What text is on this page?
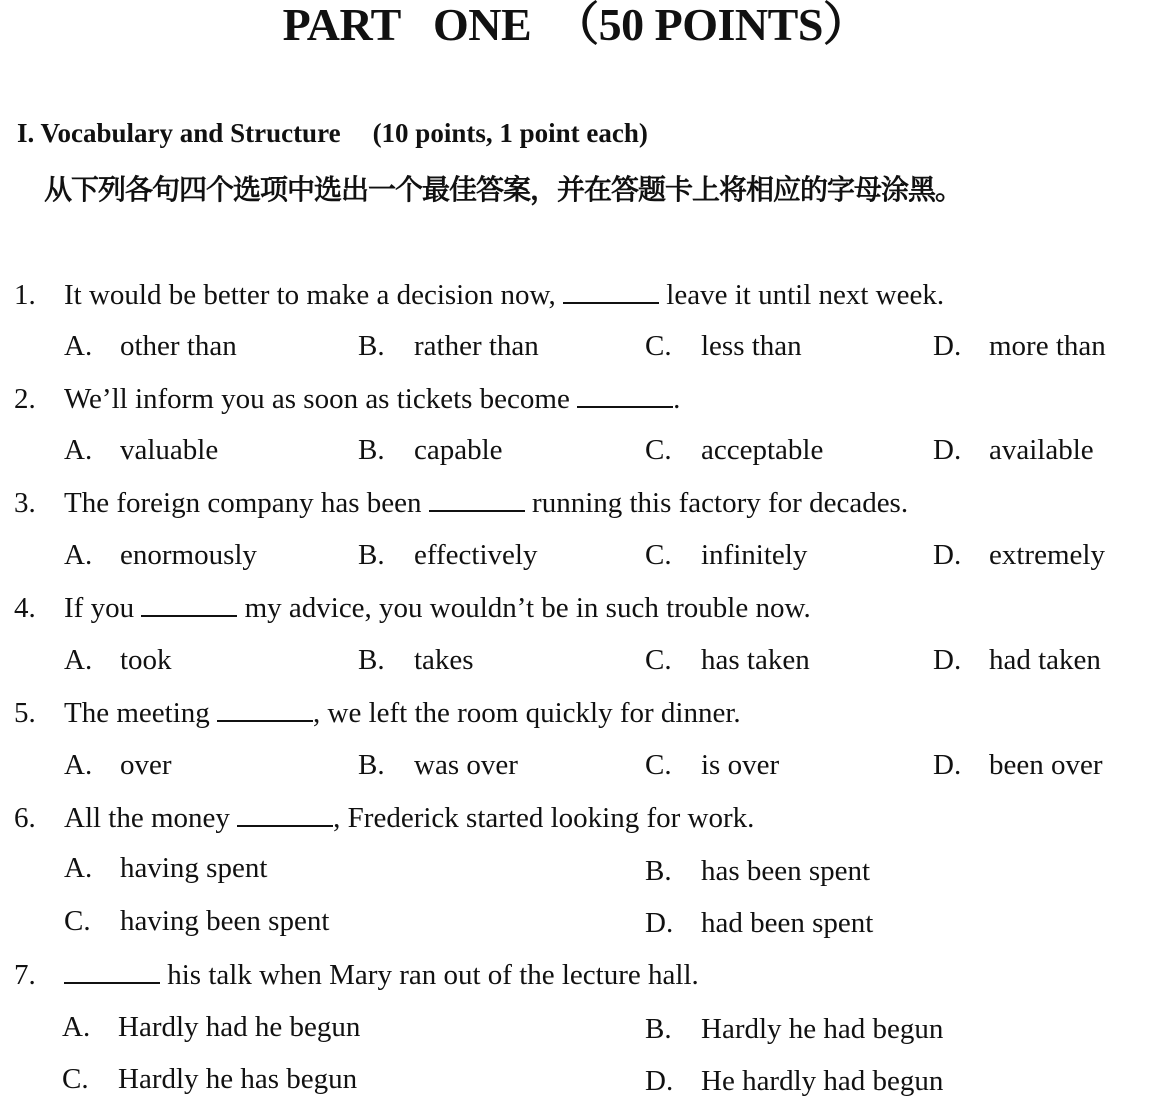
PART   ONE  （50 POINTS）
I. Vocabulary and Structure (10 points, 1 point each)
从下列各句四个选项中选出一个最佳答案，并在答题卡上将相应的字母涂黑。
1. It would be better to make a decision now,	leave it until next week.
A. other than	B. rather than	C. less than	D. more than
2. We’ll inform you as soon as tickets become	.
A. valuable	B. capable	C. acceptable	D. available
3. The foreign company has been	running this factory for decades.
A. enormously	B. effectively	C. infinitely	D. extremely
4. If you	my advice, you wouldn’t be in such trouble now.
A. took	B. takes	C. has taken	D. had taken
5. The meeting	, we left the room quickly for dinner.
A. over	B. was over	C. is over	D. been over
6. All the money	, Frederick started looking for work.
A. having spent	B. has been spent
C. having been spent	D. had been spent
7.	his talk when Mary ran out of the lecture hall.
A. Hardly had he begun	B. Hardly he had begun
C. Hardly he has begun	D. He hardly had begun
